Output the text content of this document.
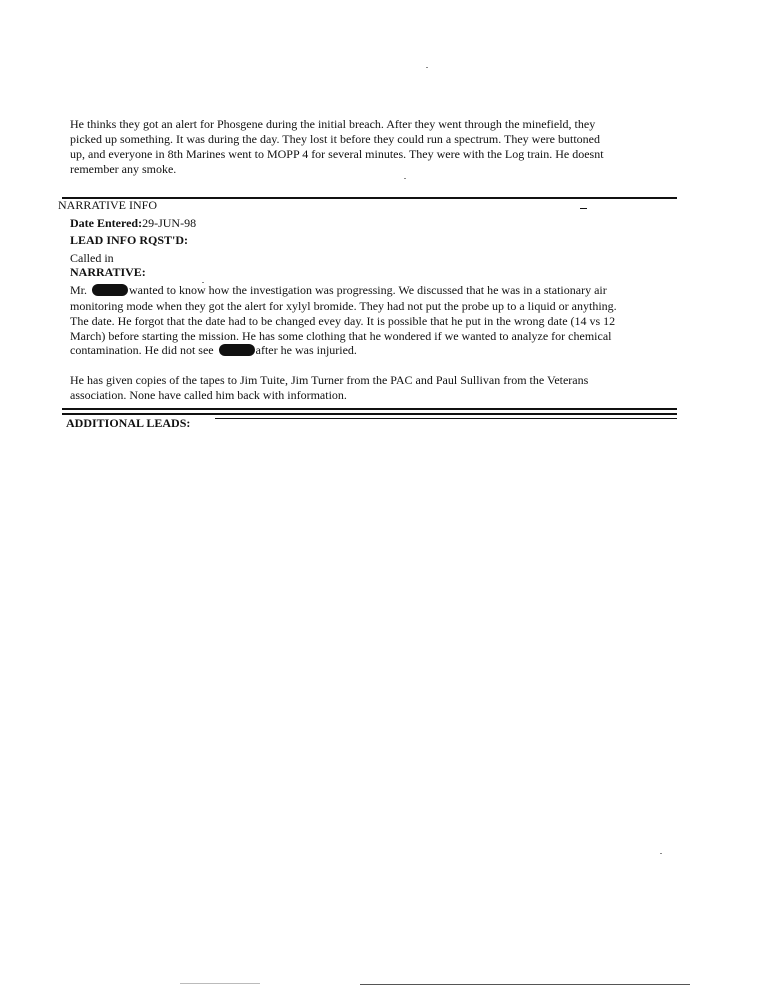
He thinks they got an alert for Phosgene during the initial breach. After they went through the minefield, they
picked up something. It was during the day. They lost it before they could run a spectrum. They were buttoned
up, and everyone in 8th Marines went to MOPP 4 for several minutes. They were with the Log train. He doesnt
remember any smoke.
NARRATIVE INFO
Date Entered:29-JUN-98
LEAD INFO RQST'D:
Called in
NARRATIVE:
Mr.	wanted to know how the investigation was progressing. We discussed that he was in a stationary air
monitoring mode when they got the alert for xylyl bromide. They had not put the probe up to a liquid or anything.
The date. He forgot that the date had to be changed evey day. It is possible that he put in the wrong date (14 vs 12
March) before starting the mission. He has some clothing that he wondered if we wanted to analyze for chemical
contamination. He did not see	after he was injuried.
He has given copies of the tapes to Jim Tuite, Jim Turner from the PAC and Paul Sullivan from the Veterans
association. None have called him back with information.
ADDITIONAL LEADS:
